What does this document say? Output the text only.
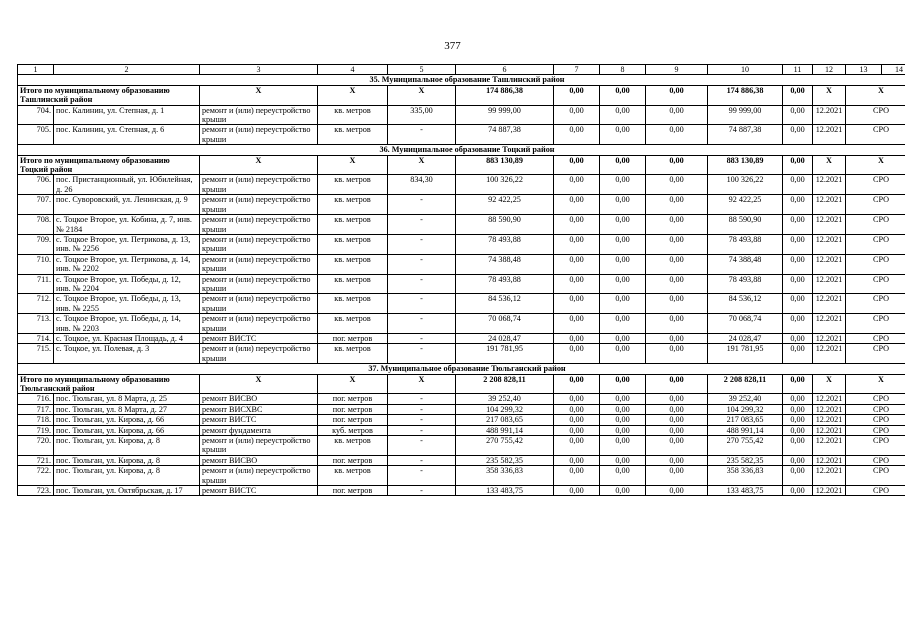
377
1	2	3	4	5	6	7	8	9	10	11	12	13	14
35. Муниципальное образование Ташлинский район													
Итого по муниципальному образованию Ташлинский район		X	X	X	174 886,38	0,00	0,00	0,00	174 886,38	0,00	X	X	
704.	пос. Калинин, ул. Степная, д. 1	ремонт и (или) переустройство крыши	кв. метров	335,00	99 999,00	0,00	0,00	0,00	99 999,00	0,00	12.2021	СРО	
705.	пос. Калинин, ул. Степная, д. 6	ремонт и (или) переустройство крыши	кв. метров	-	74 887,38	0,00	0,00	0,00	74 887,38	0,00	12.2021	СРО	
36. Муниципальное образование Тоцкий район													
Итого по муниципальному образованию Тоцкий район		X	X	X	883 130,89	0,00	0,00	0,00	883 130,89	0,00	X	X	
706.	пос. Пристанционный, ул. Юбилейная, д. 26	ремонт и (или) переустройство крыши	кв. метров	834,30	100 326,22	0,00	0,00	0,00	100 326,22	0,00	12.2021	СРО	
707.	пос. Суворовский, ул. Ленинская, д. 9	ремонт и (или) переустройство крыши	кв. метров	-	92 422,25	0,00	0,00	0,00	92 422,25	0,00	12.2021	СРО	
708.	с. Тоцкое Второе, ул. Кобина, д. 7, инв. № 2184	ремонт и (или) переустройство крыши	кв. метров	-	88 590,90	0,00	0,00	0,00	88 590,90	0,00	12.2021	СРО	
709.	с. Тоцкое Второе, ул. Петрикова, д. 13, инв. № 2256	ремонт и (или) переустройство крыши	кв. метров	-	78 493,88	0,00	0,00	0,00	78 493,88	0,00	12.2021	СРО	
710.	с. Тоцкое Второе, ул. Петрикова, д. 14, инв. № 2202	ремонт и (или) переустройство крыши	кв. метров	-	74 388,48	0,00	0,00	0,00	74 388,48	0,00	12.2021	СРО	
711.	с. Тоцкое Второе, ул. Победы, д. 12, инв. № 2204	ремонт и (или) переустройство крыши	кв. метров	-	78 493,88	0,00	0,00	0,00	78 493,88	0,00	12.2021	СРО	
712.	с. Тоцкое Второе, ул. Победы, д. 13, инв. № 2255	ремонт и (или) переустройство крыши	кв. метров	-	84 536,12	0,00	0,00	0,00	84 536,12	0,00	12.2021	СРО	
713.	с. Тоцкое Второе, ул. Победы, д. 14, инв. № 2203	ремонт и (или) переустройство крыши	кв. метров	-	70 068,74	0,00	0,00	0,00	70 068,74	0,00	12.2021	СРО	
714.	с. Тоцкое, ул. Красная Площадь, д. 4	ремонт ВИСТС	пог. метров	-	24 028,47	0,00	0,00	0,00	24 028,47	0,00	12.2021	СРО	
715.	с. Тоцкое, ул. Полевая, д. 3	ремонт и (или) переустройство крыши	кв. метров	-	191 781,95	0,00	0,00	0,00	191 781,95	0,00	12.2021	СРО	
37. Муниципальное образование Тюльганский район													
Итого по муниципальному образованию Тюльганский район		X	X	X	2 208 828,11	0,00	0,00	0,00	2 208 828,11	0,00	X	X	
716.	пос. Тюльган, ул. 8 Марта, д. 25	ремонт ВИСВО	пог. метров	-	39 252,40	0,00	0,00	0,00	39 252,40	0,00	12.2021	СРО	
717.	пос. Тюльган, ул. 8 Марта, д. 27	ремонт ВИСХВС	пог. метров	-	104 299,32	0,00	0,00	0,00	104 299,32	0,00	12.2021	СРО	
718.	пос. Тюльган, ул. Кирова, д. 66	ремонт ВИСТС	пог. метров	-	217 083,65	0,00	0,00	0,00	217 083,65	0,00	12.2021	СРО	
719.	пос. Тюльган, ул. Кирова, д. 66	ремонт фундамента	куб. метров	-	488 991,14	0,00	0,00	0,00	488 991,14	0,00	12.2021	СРО	
720.	пос. Тюльган, ул. Кирова, д. 8	ремонт и (или) переустройство крыши	кв. метров	-	270 755,42	0,00	0,00	0,00	270 755,42	0,00	12.2021	СРО	
721.	пос. Тюльган, ул. Кирова, д. 8	ремонт ВИСВО	пог. метров	-	235 582,35	0,00	0,00	0,00	235 582,35	0,00	12.2021	СРО	
722.	пос. Тюльган, ул. Кирова, д. 8	ремонт и (или) переустройство крыши	кв. метров	-	358 336,83	0,00	0,00	0,00	358 336,83	0,00	12.2021	СРО	
723.	пос. Тюльган, ул. Октябрьская, д. 17	ремонт ВИСТС	пог. метров	-	133 483,75	0,00	0,00	0,00	133 483,75	0,00	12.2021	СРО	
